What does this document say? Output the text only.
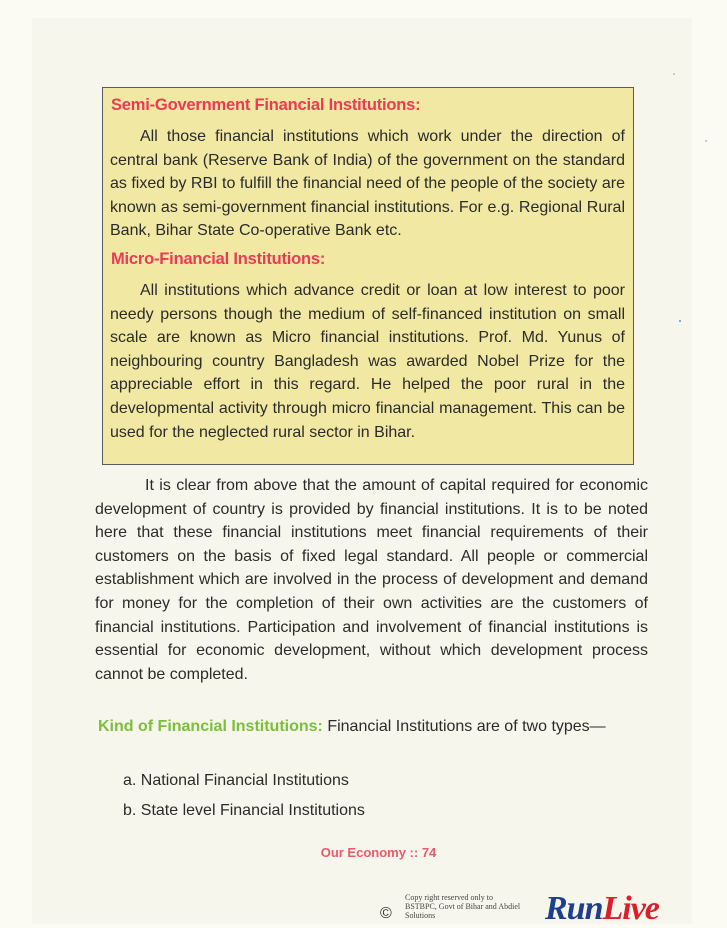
Semi-Government Financial Institutions:
All those financial institutions which work under the direction of central bank (Reserve Bank of India) of the government on the standard as fixed by RBI to fulfill the financial need of the people of the society are known as semi-government financial institutions. For e.g. Regional Rural Bank, Bihar State Co-operative Bank etc.
Micro-Financial Institutions:
All institutions which advance credit or loan at low interest to poor needy persons though the medium of self-financed institution on small scale are known as Micro financial institutions. Prof. Md. Yunus of neighbouring country Bangladesh was awarded Nobel Prize for the appreciable effort in this regard. He helped the poor rural in the developmental activity through micro financial management. This can be used for the neglected rural sector in Bihar.
It is clear from above that the amount of capital required for economic development of country is provided by financial institutions. It is to be noted here that these financial institutions meet financial requirements of their customers on the basis of fixed legal standard. All people or commercial establishment which are involved in the process of development and demand for money for the completion of their own activities are the customers of financial institutions. Participation and involvement of financial institutions is essential for economic development, without which development process cannot be completed.
Kind of Financial Institutions: Financial Institutions are of two types—
a. National Financial Institutions
b. State level Financial Institutions
Our Economy :: 74
©
Copy right reserved only to BSTBPC, Govt of Bihar and Abdiel Solutions	RunLive
